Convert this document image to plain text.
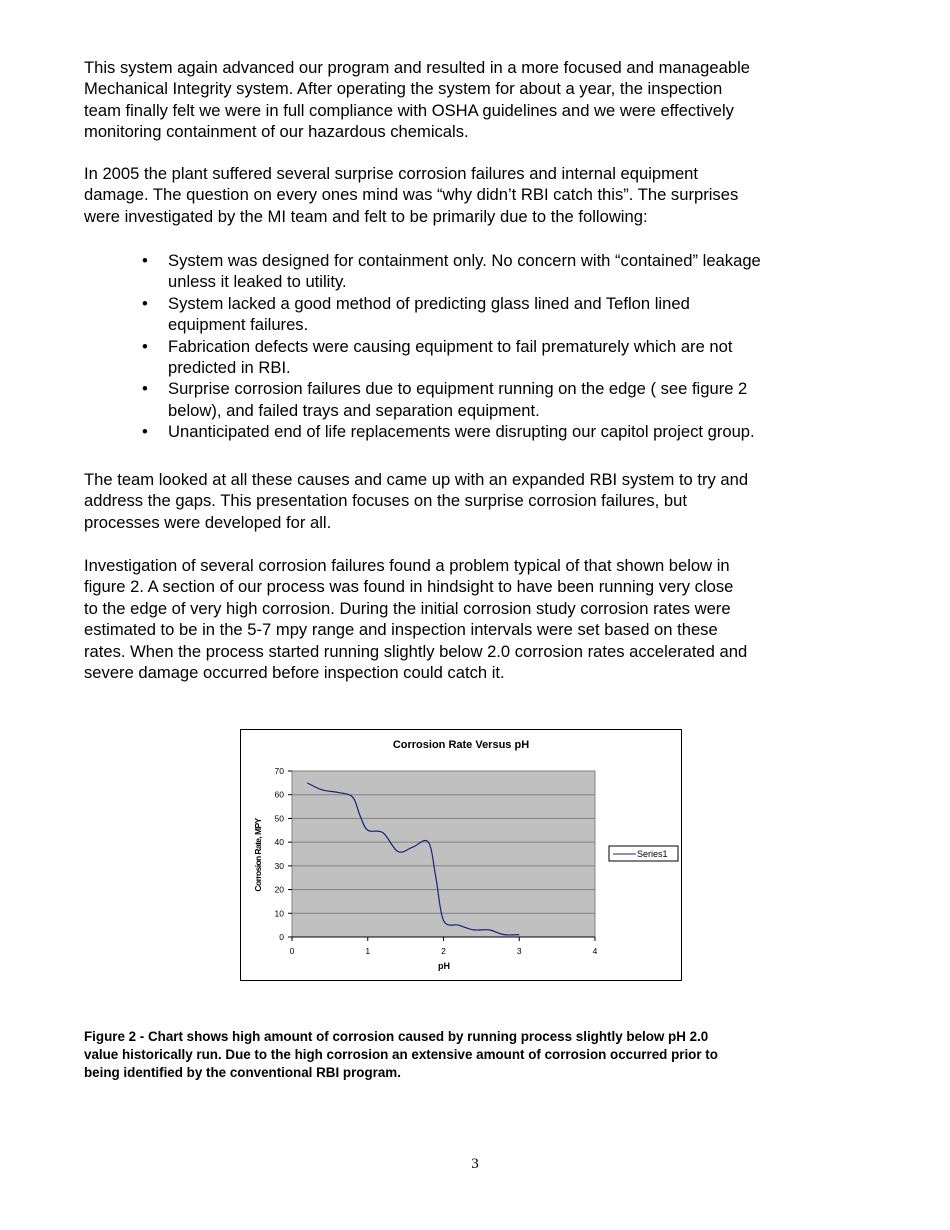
This system again advanced our program and resulted in a more focused and manageable
Mechanical Integrity system. After operating the system for about a year, the inspection
team finally felt we were in full compliance with OSHA guidelines and we were effectively
monitoring containment of our hazardous chemicals.
In 2005 the plant suffered several surprise corrosion failures and internal equipment
damage. The question on every ones mind was “why didn’t RBI catch this”. The surprises
were investigated by the MI team and felt to be primarily due to the following:
The team looked at all these causes and came up with an expanded RBI system to try and
address the gaps. This presentation focuses on the surprise corrosion failures, but
processes were developed for all.
Investigation of several corrosion failures found a problem typical of that shown below in
figure 2. A section of our process was found in hindsight to have been running very close
to the edge of very high corrosion. During the initial corrosion study corrosion rates were
estimated to be in the 5-7 mpy range and inspection intervals were set based on these
rates. When the process started running slightly below 2.0 corrosion rates accelerated and
severe damage occurred before inspection could catch it.
• System was designed for containment only. No concern with “contained” leakage
unless it leaked to utility.
• System lacked a good method of predicting glass lined and Teflon lined
equipment failures.
• Fabrication defects were causing equipment to fail prematurely which are not
predicted in RBI.
• Surprise corrosion failures due to equipment running on the edge ( see figure 2
below), and failed trays and separation equipment.
• Unanticipated end of life replacements were disrupting our capitol project group.
Corrosion Rate Versus pH
0
10
20
30
40
50
60
70
0	1	2	3	4
pH
Corrosion Rate, MPY	Series1
Figure 2 - Chart shows high amount of corrosion caused by running process slightly below pH 2.0
value historically run. Due to the high corrosion an extensive amount of corrosion occurred prior to
being identified by the conventional RBI program.
3
